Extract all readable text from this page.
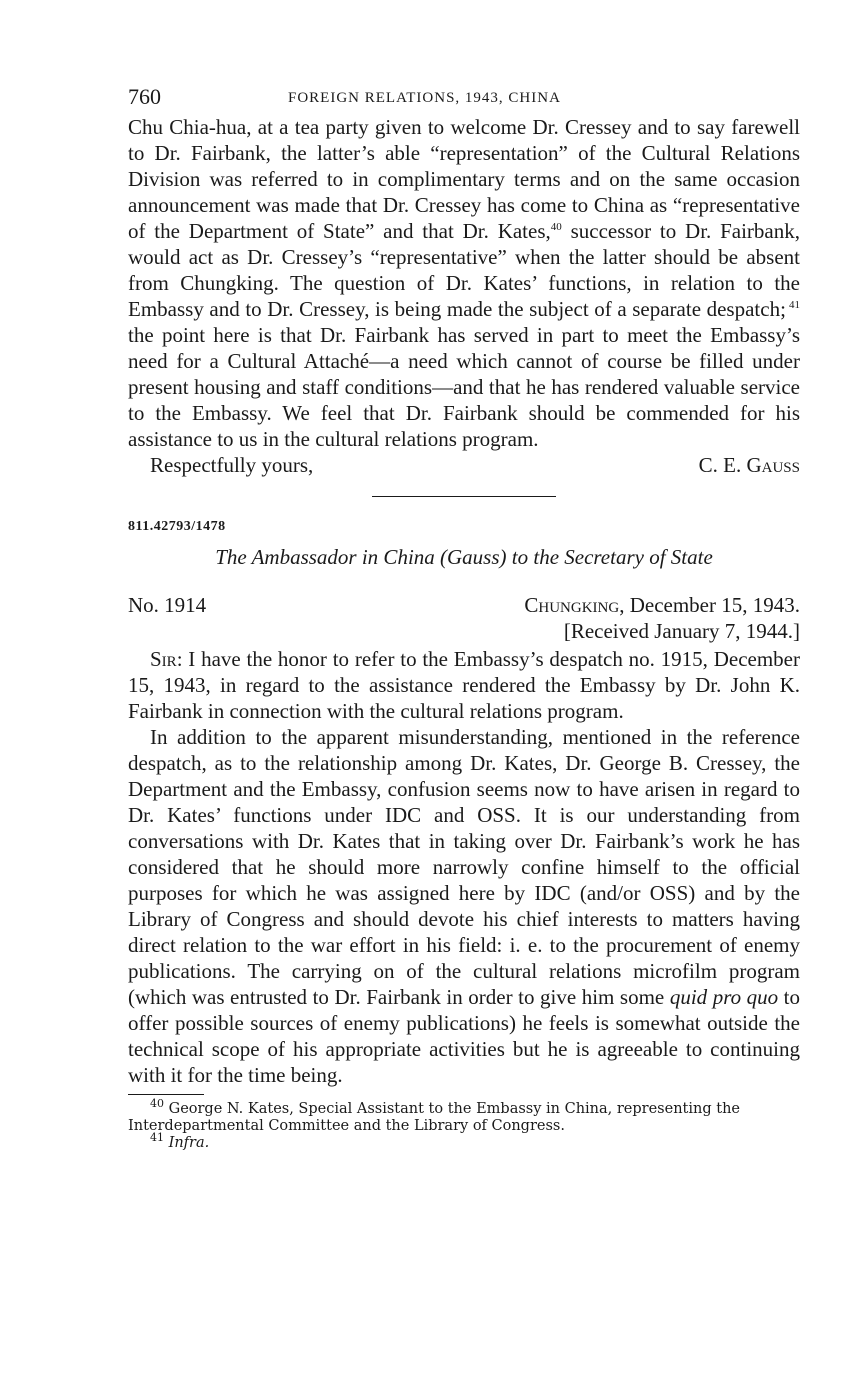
760	FOREIGN RELATIONS, 1943, CHINA

Chu Chia-hua, at a tea party given to welcome Dr. Cressey and to say farewell to Dr. Fairbank, the latter’s able “representation” of the Cultural Relations Division was referred to in complimentary terms and on the same occasion announcement was made that Dr. Cressey has come to China as “representative of the Department of State” and that Dr. Kates,$^{40}$ successor to Dr. Fairbank, would act as Dr. Cressey’s “representative” when the latter should be absent from Chungking. The question of Dr. Kates’ functions, in relation to the Embassy and to Dr. Cressey, is being made the subject of a separate despatch; $^{41}$ the point here is that Dr. Fairbank has served in part to meet the Embassy’s need for a Cultural Attaché—a need which cannot of course be filled under present housing and staff conditions—and that he has rendered valuable service to the Embassy. We feel that Dr. Fairbank should be commended for his assistance to us in the cultural relations program.

Respectfully yours,	C. E. Gauss
811.42793/1478
The Ambassador in China (Gauss) to the Secretary of State
No. 1914	Chungking, December 15, 1943.
[Received January 7, 1944.]

Sir: I have the honor to refer to the Embassy’s despatch no. 1915, December 15, 1943, in regard to the assistance rendered the Embassy by Dr. John K. Fairbank in connection with the cultural relations program.

In addition to the apparent misunderstanding, mentioned in the reference despatch, as to the relationship among Dr. Kates, Dr. George B. Cressey, the Department and the Embassy, confusion seems now to have arisen in regard to Dr. Kates’ functions under IDC and OSS. It is our understanding from conversations with Dr. Kates that in taking over Dr. Fairbank’s work he has considered that he should more narrowly confine himself to the official purposes for which he was assigned here by IDC (and/or OSS) and by the Library of Congress and should devote his chief interests to matters having direct relation to the war effort in his field: i. e. to the procurement of enemy publications. The carrying on of the cultural relations microfilm program (which was entrusted to Dr. Fairbank in order to give him some quid pro quo to offer possible sources of enemy publications) he feels is somewhat outside the technical scope of his appropriate activities but he is agreeable to continuing with it for the time being.

$^{40}$ George N. Kates, Special Assistant to the Embassy in China, representing the Interdepartmental Committee and the Library of Congress.

$^{41}$ Infra.
